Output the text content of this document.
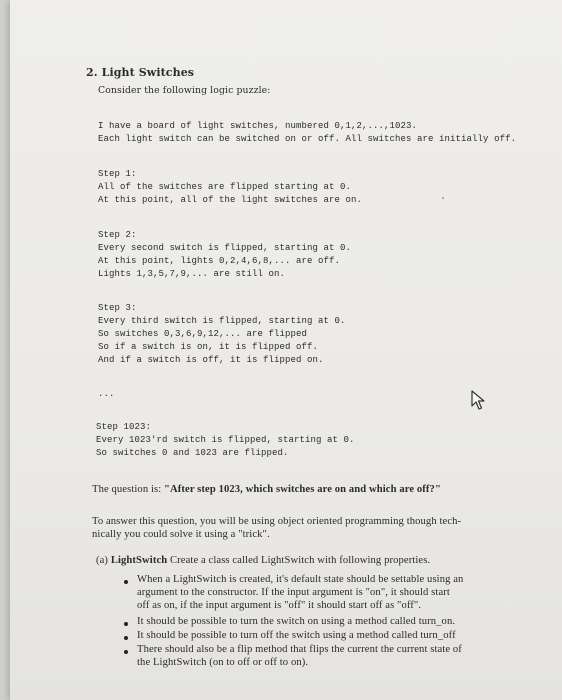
2. Light Switches
Consider the following logic puzzle:
I have a board of light switches, numbered 0,1,2,...,1023.
Each light switch can be switched on or off. All switches are initially off.
Step 1:
All of the switches are flipped starting at 0.
At this point, all of the light switches are on.
Step 2:
Every second switch is flipped, starting at 0.
At this point, lights 0,2,4,6,8,... are off.
Lights 1,3,5,7,9,... are still on.
Step 3:
Every third switch is flipped, starting at 0.
So switches 0,3,6,9,12,... are flipped
So if a switch is on, it is flipped off.
And if a switch is off, it is flipped on.
...
Step 1023:
Every 1023'rd switch is flipped, starting at 0.
So switches 0 and 1023 are flipped.
The question is: "After step 1023, which switches are on and which are off?"
To answer this question, you will be using object oriented programming though tech-
nically you could solve it using a "trick".
(a) LightSwitch Create a class called LightSwitch with following properties.
When a LightSwitch is created, it's default state should be settable using an
argument to the constructor. If the input argument is "on", it should start
off as on, if the input argument is "off" it should start off as "off".
It should be possible to turn the switch on using a method called turn_on.
It should be possible to turn off the switch using a method called turn_off
There should also be a flip method that flips the current the current state of
the LightSwitch (on to off or off to on).
